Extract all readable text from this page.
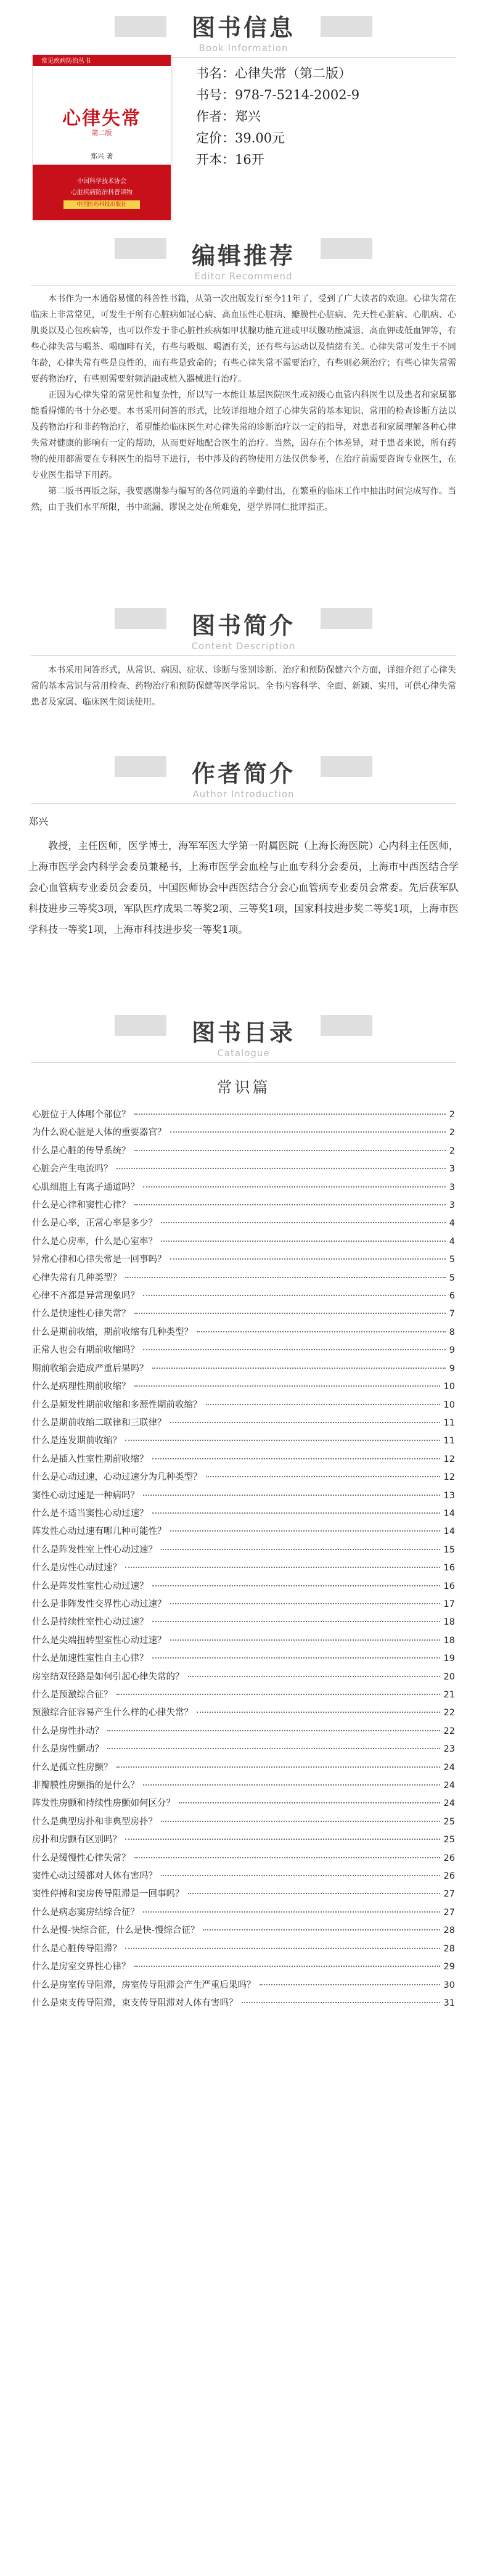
图书信息
Book Information
常见疾病防治丛书
心律失常
第二版
郑兴 著
中国科学技术协会
心脏疾病防治科普读物
中国医药科技出版社
书名：心律失常（第二版）
书号：978-7-5214-2002-9
作者：郑兴
定价：39.00元
开本：16开
编辑推荐
Editor Recommend

本书作为一本通俗易懂的科普性书籍，从第一次出版发行至今11年了，受到了广大读者的欢迎。心律失常在临床上非常常见，可发生于所有心脏病如冠心病、高血压性心脏病、瓣膜性心脏病、先天性心脏病、心肌病、心肌炎以及心包疾病等，也可以作发于非心脏性疾病如甲状腺功能亢进或甲状腺功能减退、高血钾或低血钾等，有些心律失常与喝茶、喝咖啡有关，有些与吸烟、喝酒有关，还有些与运动以及情绪有关。心律失常可发生于不同年龄，心律失常有些是良性的，而有些是致命的；有些心律失常不需要治疗，有些则必须治疗；有些心律失常需要药物治疗，有些则需要射频消融或植入器械进行治疗。

正因为心律失常的常见性和复杂性，所以写一本能让基层医院医生或初级心血管内科医生以及患者和家属都能看得懂的书十分必要。本书采用问答的形式，比较详细地介绍了心律失常的基本知识、常用的检查诊断方法以及药物治疗和非药物治疗，希望能给临床医生对心律失常的诊断治疗以一定的指导，对患者和家属理解各种心律失常对健康的影响有一定的帮助，从而更好地配合医生的治疗。当然，因存在个体差异，对于患者来说，所有药物的使用都需要在专科医生的指导下进行，书中涉及的药物使用方法仅供参考，在治疗前需要咨询专业医生，在专业医生指导下用药。

第二版书再版之际，我要感谢参与编写的各位同道的辛勤付出，在繁重的临床工作中抽出时间完成写作。当然，由于我们水平所限，书中疏漏、谬误之处在所难免，望学界同仁批评指正。

图书简介
Content Description

本书采用问答形式，从常识、病因、症状、诊断与鉴别诊断、治疗和预防保健六个方面，详细介绍了心律失常的基本常识与常用检查、药物治疗和预防保健等医学常识。全书内容科学、全面、新颖、实用，可供心律失常患者及家属、临床医生阅读使用。

作者简介
Author Introduction
郑兴

教授，主任医师，医学博士，海军军医大学第一附属医院（上海长海医院）心内科主任医师，上海市医学会内科学会委员兼秘书，上海市医学会血栓与止血专科分会委员，上海市中西医结合学会心血管病专业委员会委员，中国医师协会中西医结合分会心血管病专业委员会常委。先后获军队科技进步三等奖3项，军队医疗成果二等奖2项、三等奖1项，国家科技进步奖二等奖1项，上海市医学科技一等奖1项，上海市科技进步奖一等奖1项。

图书目录
Catalogue
常识篇
心脏位于人体哪个部位？	2
为什么说心脏是人体的重要器官？	2
什么是心脏的传导系统？	2
心脏会产生电流吗？	3
心肌细胞上有离子通道吗？	3
什么是心律和窦性心律？	3
什么是心率，正常心率是多少？	4
什么是心房率，什么是心室率？	4
异常心律和心律失常是一回事吗？	5
心律失常有几种类型？	5
心律不齐都是异常现象吗？	6
什么是快速性心律失常？	7
什么是期前收缩，期前收缩有几种类型？	8
正常人也会有期前收缩吗？	9
期前收缩会造成严重后果吗？	9
什么是病理性期前收缩？	10
什么是频发性期前收缩和多源性期前收缩？	10
什么是期前收缩二联律和三联律？	11
什么是连发期前收缩？	11
什么是插入性室性期前收缩？	12
什么是心动过速，心动过速分为几种类型？	12
窦性心动过速是一种病吗？	13
什么是不适当窦性心动过速？	14
阵发性心动过速有哪几种可能性？	14
什么是阵发性室上性心动过速？	15
什么是房性心动过速？	16
什么是阵发性室性心动过速？	16
什么是非阵发性交界性心动过速？	17
什么是持续性室性心动过速？	18
什么是尖端扭转型室性心动过速？	18
什么是加速性室性自主心律？	19
房室结双径路是如何引起心律失常的？	20
什么是预激综合征？	21
预激综合征容易产生什么样的心律失常？	22
什么是房性扑动？	22
什么是房性颤动？	23
什么是孤立性房颤？	24
非瓣膜性房颤指的是什么？	24
阵发性房颤和持续性房颤如何区分？	24
什么是典型房扑和非典型房扑？	25
房扑和房颤有区别吗？	25
什么是缓慢性心律失常？	26
窦性心动过缓都对人体有害吗？	26
窦性停搏和窦房传导阻滞是一回事吗？	27
什么是病态窦房结综合征？	27
什么是慢-快综合征，什么是快-慢综合征？	28
什么是心脏传导阻滞？	28
什么是房室交界性心律？	29
什么是房室传导阻滞，房室传导阻滞会产生严重后果吗？	30
什么是束支传导阻滞，束支传导阻滞对人体有害吗？	31
